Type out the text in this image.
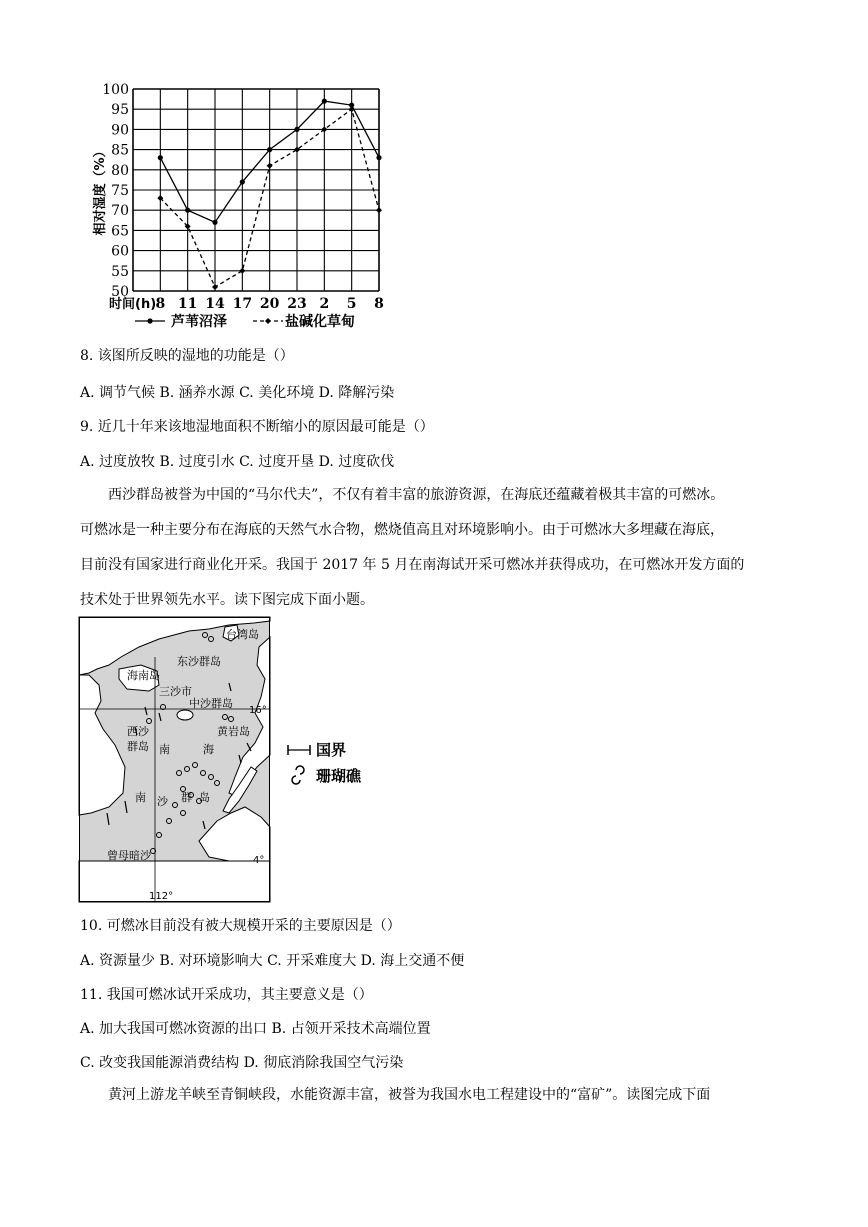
100
95
90
85
80
75
70
65
60
55
50
相对湿度（%）
时间(h) 8 11 14 17 20 23 2 5 8
芦苇沼泽	盐碱化草甸
8. 该图所反映的湿地的功能是（）
A. 调节气候 B. 涵养水源 C. 美化环境 D. 降解污染
9. 近几十年来该地湿地面积不断缩小的原因最可能是（）
A. 过度放牧 B. 过度引水 C. 过度开垦 D. 过度砍伐

西沙群岛被誉为中国的“马尔代夫”，不仅有着丰富的旅游资源，在海底还蕴藏着极其丰富的可燃冰。

可燃冰是一种主要分布在海底的天然气水合物，燃烧值高且对环境影响小。由于可燃冰大多埋藏在海底，

目前没有国家进行商业化开采。我国于 2017 年 5 月在南海试开采可燃冰并获得成功，在可燃冰开发方面的

技术处于世界领先水平。读下图完成下面小题。

台湾岛
东沙群岛
海南岛
三沙市
中沙群岛
黄岩岛
西沙
群岛 南	海
南 沙 群 岛
曾母暗沙
16°
4°
112°
国界
珊瑚礁
10. 可燃冰目前没有被大规模开采的主要原因是（）
A. 资源量少 B. 对环境影响大 C. 开采难度大 D. 海上交通不便
11. 我国可燃冰试开采成功，其主要意义是（）
A. 加大我国可燃冰资源的出口 B. 占领开采技术高端位置
C. 改变我国能源消费结构 D. 彻底消除我国空气污染

黄河上游龙羊峡至青铜峡段，水能资源丰富，被誉为我国水电工程建设中的“富矿”。读图完成下面
